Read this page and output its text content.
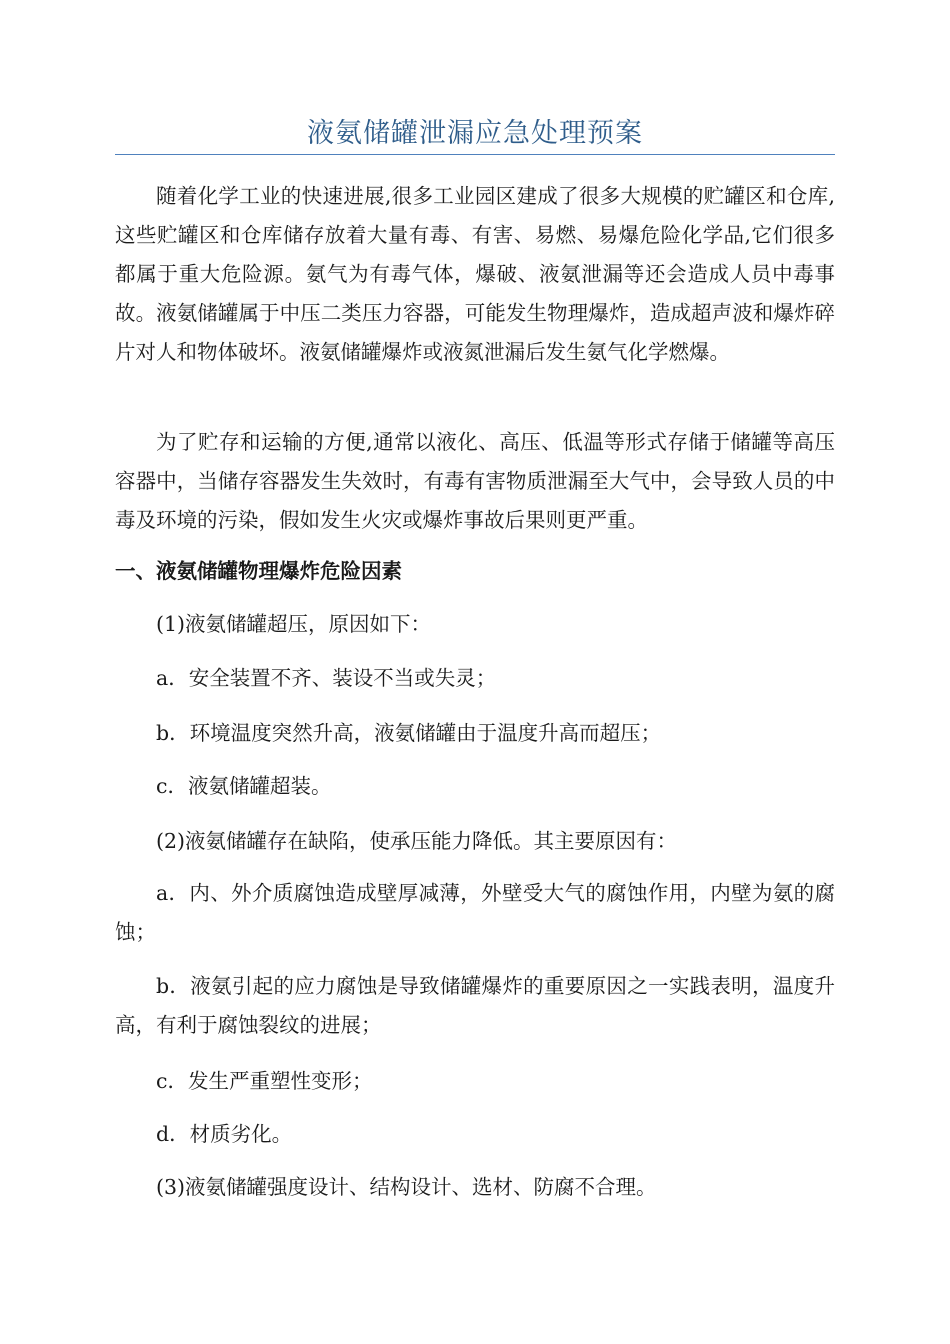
液氨储罐泄漏应急处理预案

随着化学工业的快速进展,很多工业园区建成了很多大规模的贮罐区和仓库,这些贮罐区和仓库储存放着大量有毒、有害、易燃、易爆危险化学品,它们很多都属于重大危险源。氨气为有毒气体，爆破、液氨泄漏等还会造成人员中毒事故。液氨储罐属于中压二类压力容器，可能发生物理爆炸，造成超声波和爆炸碎片对人和物体破坏。液氨储罐爆炸或液氮泄漏后发生氨气化学燃爆。

为了贮存和运输的方便,通常以液化、高压、低温等形式存储于储罐等高压容器中，当储存容器发生失效时，有毒有害物质泄漏至大气中，会导致人员的中毒及环境的污染，假如发生火灾或爆炸事故后果则更严重。

一、液氨储罐物理爆炸危险因素

(1)液氨储罐超压，原因如下：

a．安全装置不齐、装设不当或失灵；

b．环境温度突然升高，液氨储罐由于温度升高而超压；

c．液氨储罐超装。

(2)液氨储罐存在缺陷，使承压能力降低。其主要原因有：

a．内、外介质腐蚀造成壁厚减薄，外壁受大气的腐蚀作用，内壁为氨的腐蚀；

b．液氨引起的应力腐蚀是导致储罐爆炸的重要原因之一实践表明，温度升高，有利于腐蚀裂纹的进展；

c．发生严重塑性变形；

d．材质劣化。

(3)液氨储罐强度设计、结构设计、选材、防腐不合理。
